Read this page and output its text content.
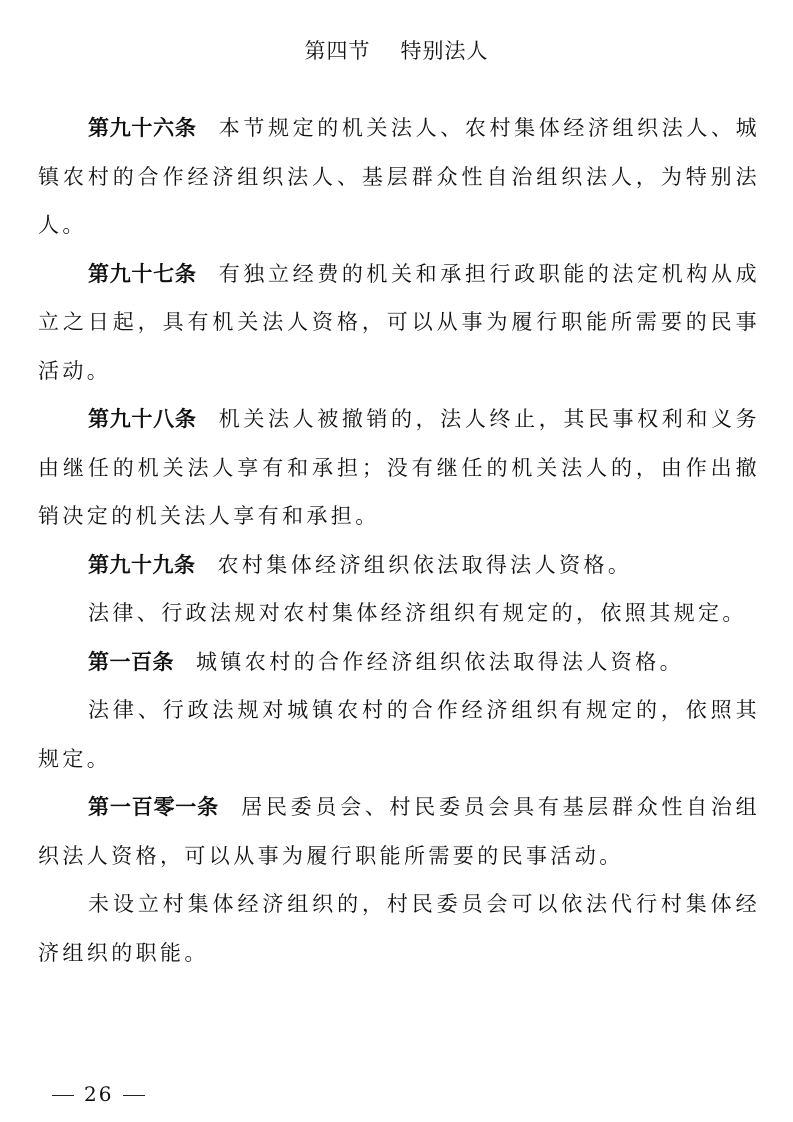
第四节 特别法人

第九十六条 本节规定的机关法人、农村集体经济组织法人、城镇农村的合作经济组织法人、基层群众性自治组织法人，为特别法人。

第九十七条 有独立经费的机关和承担行政职能的法定机构从成立之日起，具有机关法人资格，可以从事为履行职能所需要的民事活动。

第九十八条 机关法人被撤销的，法人终止，其民事权利和义务由继任的机关法人享有和承担；没有继任的机关法人的，由作出撤销决定的机关法人享有和承担。

第九十九条 农村集体经济组织依法取得法人资格。

法律、行政法规对农村集体经济组织有规定的，依照其规定。

第一百条 城镇农村的合作经济组织依法取得法人资格。

法律、行政法规对城镇农村的合作经济组织有规定的，依照其规定。

第一百零一条 居民委员会、村民委员会具有基层群众性自治组织法人资格，可以从事为履行职能所需要的民事活动。

未设立村集体经济组织的，村民委员会可以依法代行村集体经济组织的职能。

26
